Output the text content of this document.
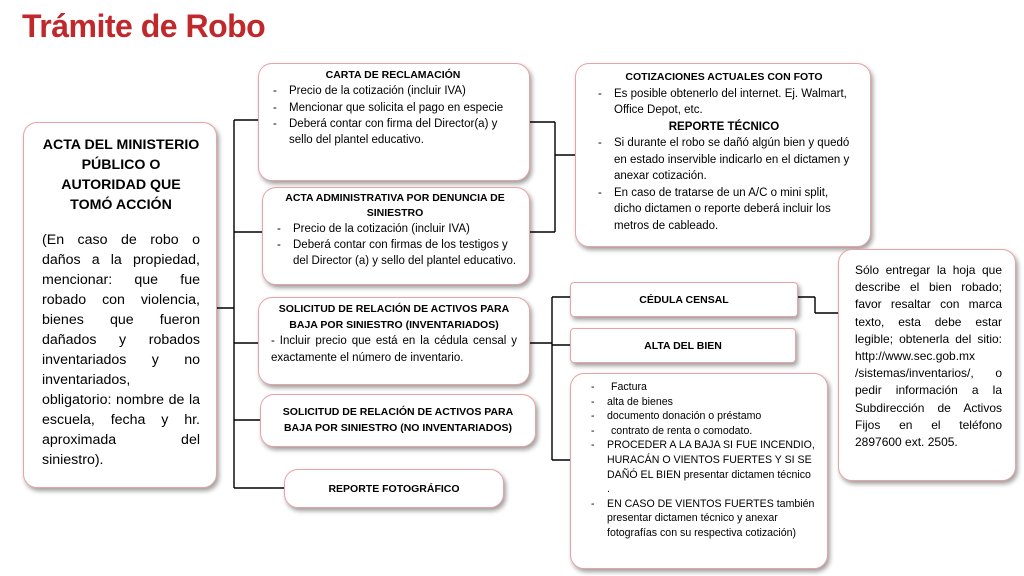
Trámite de Robo
ACTA DEL MINISTERIO PÚBLICO O AUTORIDAD QUE TOMÓ ACCIÓN
(En caso de robo o daños a la propiedad, mencionar: que fue robado con violencia, bienes que fueron dañados y robados inventariados y no inventariados, obligatorio: nombre de la escuela, fecha y hr. aproximada del siniestro).
CARTA DE RECLAMACIÓN
- Precio de la cotización (incluir IVA)
- Mencionar que solicita el pago en especie
- Deberá contar con firma del Director(a) y sello del plantel educativo.
ACTA ADMINISTRATIVA POR DENUNCIA DE SINIESTRO
- Precio de la cotización (incluir IVA)
- Deberá contar con firmas de los testigos y del Director (a) y sello del plantel educativo.
SOLICITUD DE RELACIÓN DE ACTIVOS PARA BAJA POR SINIESTRO (INVENTARIADOS)
- Incluir precio que está en la cédula censal y exactamente el número de inventario.
SOLICITUD DE RELACIÓN DE ACTIVOS PARA BAJA POR SINIESTRO (NO INVENTARIADOS)
REPORTE FOTOGRÁFICO
COTIZACIONES ACTUALES CON FOTO
- Es posible obtenerlo del internet. Ej. Walmart, Office Depot, etc.
REPORTE TÉCNICO
- Si durante el robo se dañó algún bien y quedó en estado inservible indicarlo en el dictamen y anexar cotización.
- En caso de tratarse de un A/C o mini split, dicho dictamen o reporte deberá incluir los metros de cableado.
CÉDULA CENSAL
ALTA DEL BIEN
- Factura
- alta de bienes
- documento donación o préstamo
- contrato de renta o comodato.
- PROCEDER A LA BAJA SI FUE INCENDIO, HURACÁN O VIENTOS FUERTES Y SI SE DAÑÓ EL BIEN presentar dictamen técnico .
- EN CASO DE VIENTOS FUERTES también presentar dictamen técnico y anexar fotografías con su respectiva cotización)
Sólo entregar la hoja que describe el bien robado; favor resaltar con marca texto, esta debe estar legible; obtenerla del sitio: http://www.sec.gob.mx /sistemas/inventarios/, o pedir información a la Subdirección de Activos Fijos en el teléfono 2897600 ext. 2505.
